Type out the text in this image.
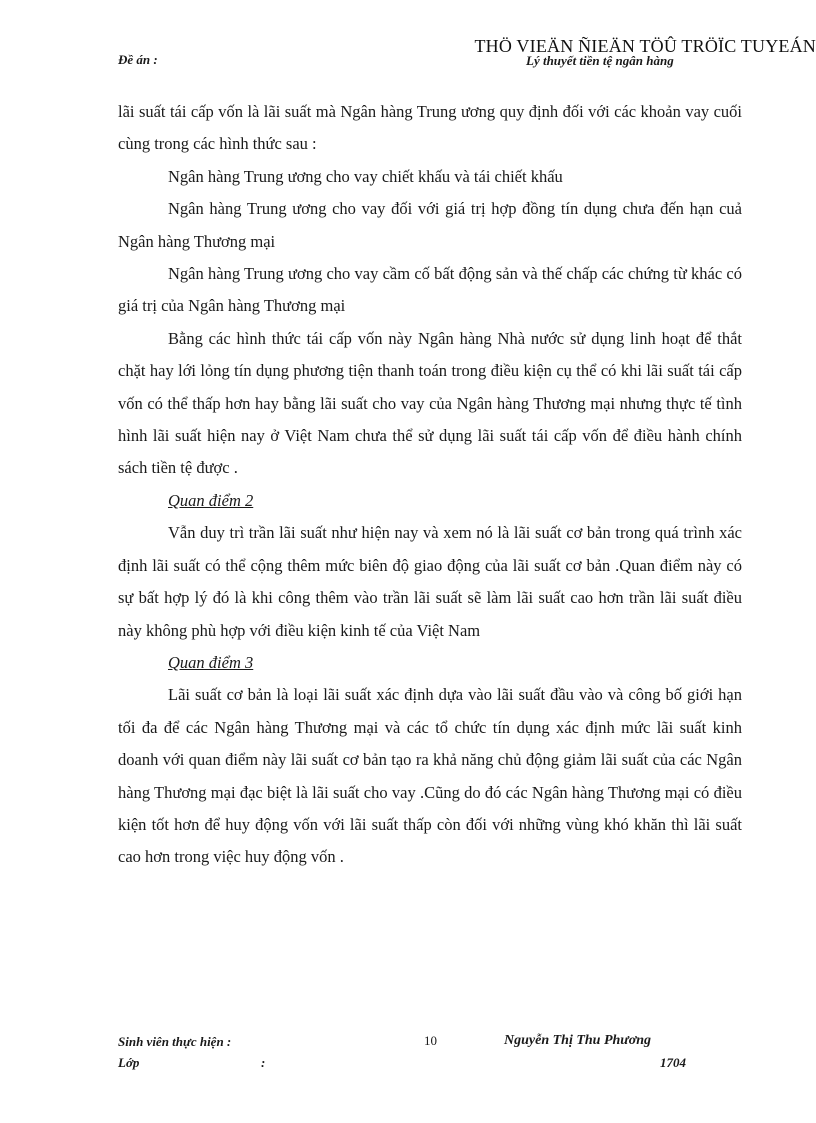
THÖ VIEÄN ÑIEÄN TÖÛ TRÖÏC TUYEÁN
Đề án :	Lý thuyết tiền tệ ngân hàng

lãi suất tái cấp vốn là lãi suất mà Ngân hàng Trung ương quy định đối với các khoản vay cuối cùng trong các hình thức sau :

Ngân hàng Trung ương cho vay chiết khấu và tái chiết khấu

Ngân hàng Trung ương cho vay đối với giá trị hợp đồng tín dụng chưa đến hạn cuả Ngân hàng Thương mại

Ngân hàng Trung ương cho vay cầm cố bất động sản và thế chấp các chứng từ khác có giá trị của Ngân hàng Thương mại

Bằng các hình thức tái cấp vốn này Ngân hàng Nhà nước sử dụng linh hoạt để thắt chặt hay lới lỏng tín dụng phương tiện thanh toán trong điều kiện cụ thể có khi lãi suất tái cấp vốn có thể thấp hơn hay bằng lãi suất cho vay của Ngân hàng Thương mại nhưng thực tế tình hình lãi suất hiện nay ở Việt Nam chưa thể sử dụng lãi suất tái cấp vốn để điều hành chính sách tiền tệ được .

Quan điểm 2

Vẫn duy trì trần lãi suất như hiện nay và xem nó là lãi suất cơ bản trong quá trình xác định lãi suất có thể cộng thêm mức biên độ giao động của lãi suất cơ bản .Quan điểm này có sự bất hợp lý đó là khi công thêm vào trần lãi suất sẽ làm lãi suất cao hơn trần lãi suất điều này không phù hợp với điều kiện kinh tế của Việt Nam

Quan điểm 3

Lãi suất cơ bản là loại lãi suất xác định dựa vào lãi suất đầu vào và công bố giới hạn tối đa để các Ngân hàng Thương mại và các tổ chức tín dụng xác định mức lãi suất kinh doanh với quan điểm này lãi suất cơ bản tạo ra khả năng chủ động giảm lãi suất của các Ngân hàng Thương mại đạc biệt là lãi suất cho vay .Cũng do đó các Ngân hàng Thương mại có điều kiện tốt hơn để huy động vốn với lãi suất thấp còn đối với những vùng khó khăn thì lãi suất cao hơn trong việc huy động vốn .

Sinh viên thực hiện :
Lớp	:
10	Nguyễn Thị Thu Phương
1704
